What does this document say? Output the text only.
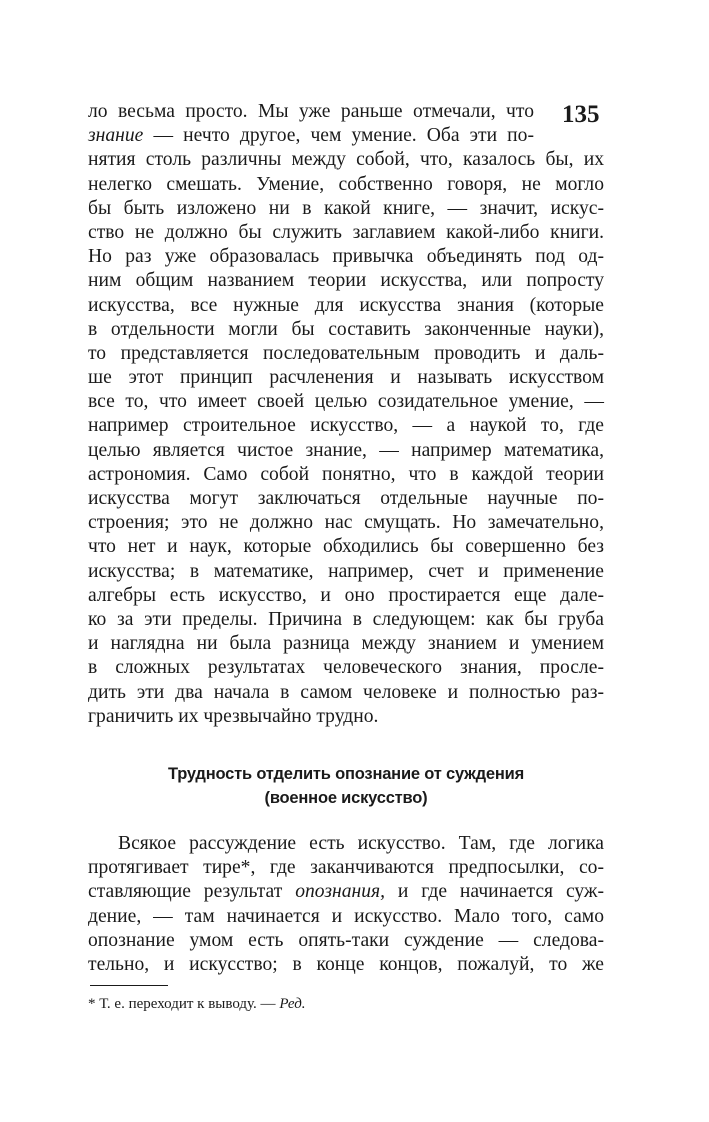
135
ло весьма просто. Мы уже раньше отмечали, что
знание — нечто другое, чем умение. Оба эти по-
нятия столь различны между собой, что, казалось бы, их
нелегко смешать. Умение, собственно говоря, не могло
бы быть изложено ни в какой книге, — значит, искус-
ство не должно бы служить заглавием какой-либо книги.
Но раз уже образовалась привычка объединять под од-
ним общим названием теории искусства, или попросту
искусства, все нужные для искусства знания (которые
в отдельности могли бы составить законченные науки),
то представляется последовательным проводить и даль-
ше этот принцип расчленения и называть искусством
все то, что имеет своей целью созидательное умение, —
например строительное искусство, — а наукой то, где
целью является чистое знание, — например математика,
астрономия. Само собой понятно, что в каждой теории
искусства могут заключаться отдельные научные по-
строения; это не должно нас смущать. Но замечательно,
что нет и наук, которые обходились бы совершенно без
искусства; в математике, например, счет и применение
алгебры есть искусство, и оно простирается еще дале-
ко за эти пределы. Причина в следующем: как бы груба
и наглядна ни была разница между знанием и умением
в сложных результатах человеческого знания, просле-
дить эти два начала в самом человеке и полностью раз-
граничить их чрезвычайно трудно.
Трудность отделить опознание от суждения
(военное искусство)
Всякое рассуждение есть искусство. Там, где логика
протягивает тире*, где заканчиваются предпосылки, со-
ставляющие результат опознания, и где начинается суж-
дение, — там начинается и искусство. Мало того, само
опознание умом есть опять-таки суждение — следова-
тельно, и искусство; в конце концов, пожалуй, то же
* Т. е. переходит к выводу. — Ред.
